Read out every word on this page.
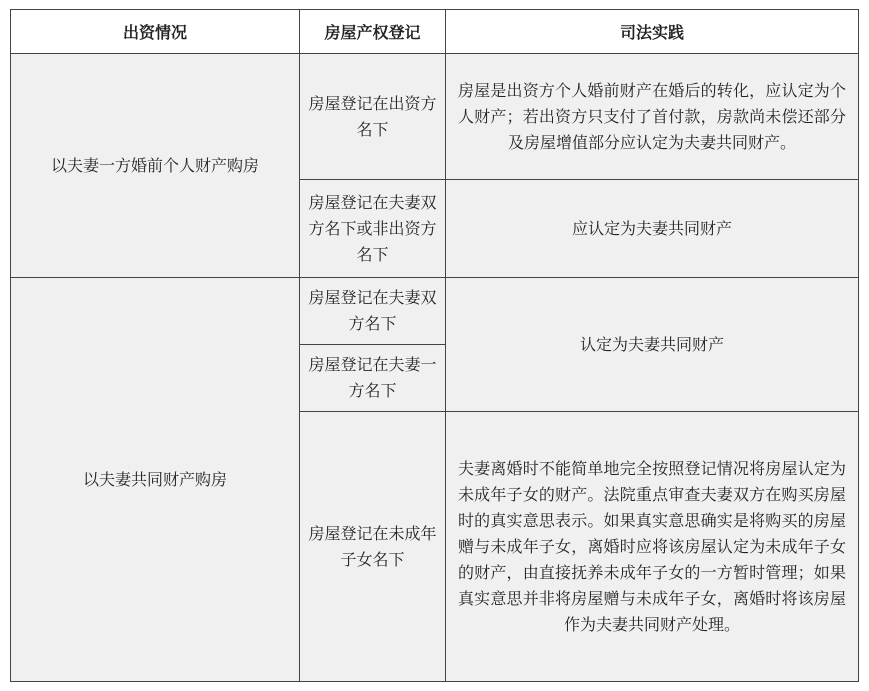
出资情况	房屋产权登记	司法实践

以夫妻一方婚前个人财产购房	房屋登记在出资方名下	房屋是出资方个人婚前财产在婚后的转化，应认定为个人财产；若出资方只支付了首付款，房款尚未偿还部分及房屋增值部分应认定为夫妻共同财产。

	房屋登记在夫妻双方名下或非出资方名下	应认定为夫妻共同财产

以夫妻共同财产购房	房屋登记在夫妻双方名下	认定为夫妻共同财产

	房屋登记在夫妻一方名下	

	房屋登记在未成年子女名下	夫妻离婚时不能简单地完全按照登记情况将房屋认定为未成年子女的财产。法院重点审查夫妻双方在购买房屋时的真实意思表示。如果真实意思确实是将购买的房屋赠与未成年子女，离婚时应将该房屋认定为未成年子女的财产，由直接抚养未成年子女的一方暂时管理；如果真实意思并非将房屋赠与未成年子女，离婚时将该房屋作为夫妻共同财产处理。
